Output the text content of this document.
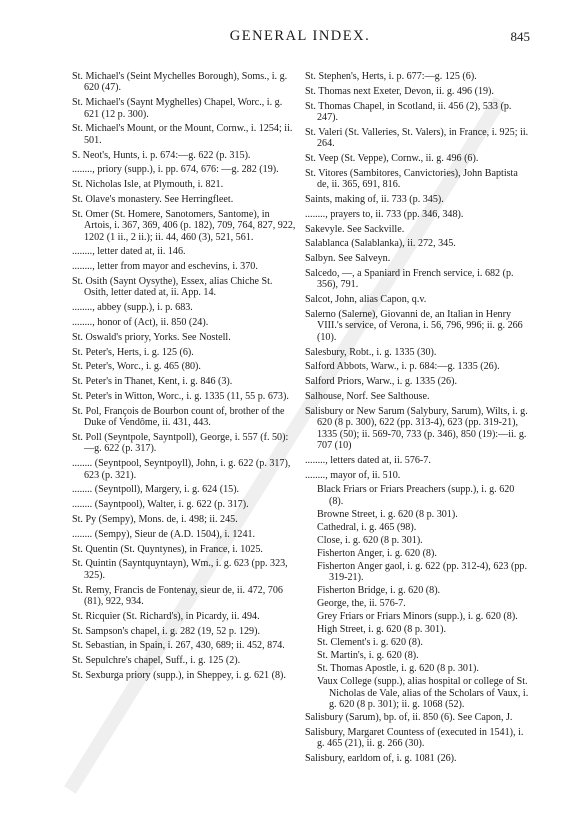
GENERAL INDEX.	845
St. Michael's (Seint Mychelles Borough), Soms., i. g. 620 (47).
St. Michael's (Saynt Myghelles) Chapel, Worc., i. g. 621 (12 p. 300).
St. Michael's Mount, or the Mount, Cornw., i. 1254; ii. 501.
S. Neot's, Hunts, i. p. 674:—g. 622 (p. 315).
........, priory (supp.), i. pp. 674, 676: —g. 282 (19).
St. Nicholas Isle, at Plymouth, i. 821.
St. Olave's monastery. See Herringfleet.
St. Omer (St. Homere, Sanotomers, Santome), in Artois, i. 367, 369, 406 (p. 182), 709, 764, 827, 922, 1202 (1 ii., 2 ii.); ii. 44, 460 (3), 521, 561.
........, letter dated at, ii. 146.
........, letter from mayor and eschevins, i. 370.
St. Osith (Saynt Oysythe), Essex, alias Chiche St. Osith, letter dated at, ii. App. 14.
........, abbey (supp.), i. p. 683.
........, honor of (Act), ii. 850 (24).
St. Oswald's priory, Yorks. See Nostell.
St. Peter's, Herts, i. g. 125 (6).
St. Peter's, Worc., i. g. 465 (80).
St. Peter's in Thanet, Kent, i. g. 846 (3).
St. Peter's in Witton, Worc., i. g. 1335 (11, 55 p. 673).
St. Pol, François de Bourbon count of, brother of the Duke of Vendôme, ii. 431, 443.
St. Poll (Seyntpole, Sayntpoll), George, i. 557 (f. 50):—g. 622 (p. 317).
........ (Seyntpool, Seyntpoyll), John, i. g. 622 (p. 317), 623 (p. 321).
........ (Seyntpoll), Margery, i. g. 624 (15).
........ (Sayntpool), Walter, i. g. 622 (p. 317).
St. Py (Sempy), Mons. de, i. 498; ii. 245.
........ (Sempy), Sieur de (A.D. 1504), i. 1241.
St. Quentin (St. Quyntynes), in France, i. 1025.
St. Quintin (Sayntquyntayn), Wm., i. g. 623 (pp. 323, 325).
St. Remy, Francis de Fontenay, sieur de, ii. 472, 706 (81), 922, 934.
St. Ricquier (St. Richard's), in Picardy, ii. 494.
St. Sampson's chapel, i. g. 282 (19, 52 p. 129).
St. Sebastian, in Spain, i. 267, 430, 689; ii. 452, 874.
St. Sepulchre's chapel, Suff., i. g. 125 (2).
St. Sexburga priory (supp.), in Sheppey, i. g. 621 (8).
St. Stephen's, Herts, i. p. 677:—g. 125 (6).
St. Thomas next Exeter, Devon, ii. g. 496 (19).
St. Thomas Chapel, in Scotland, ii. 456 (2), 533 (p. 247).
St. Valeri (St. Valleries, St. Valers), in France, i. 925; ii. 264.
St. Veep (St. Veppe), Cornw., ii. g. 496 (6).
St. Vitores (Sambitores, Canvictories), John Baptista de, ii. 365, 691, 816.
Saints, making of, ii. 733 (p. 345).
........, prayers to, ii. 733 (pp. 346, 348).
Sakevyle. See Sackville.
Salablanca (Salablanka), ii. 272, 345.
Salbyn. See Salveyn.
Salcedo, —, a Spaniard in French service, i. 682 (p. 356), 791.
Salcot, John, alias Capon, q.v.
Salerno (Salerne), Giovanni de, an Italian in Henry VIII.'s service, of Verona, i. 56, 796, 996; ii. g. 266 (10).
Salesbury, Robt., i. g. 1335 (30).
Salford Abbots, Warw., i. p. 684:—g. 1335 (26).
Salford Priors, Warw., i. g. 1335 (26).
Salhouse, Norf. See Salthouse.
Salisbury or New Sarum (Salybury, Sarum), Wilts, i. g. 620 (8 p. 300), 622 (pp. 313-4), 623 (pp. 319-21), 1335 (50); ii. 569-70, 733 (p. 346), 850 (19):—ii. g. 707 (10)
........, letters dated at, ii. 576-7.
........, mayor of, ii. 510.
Black Friars or Friars Preachers (supp.), i. g. 620 (8).
Browne Street, i. g. 620 (8 p. 301).
Cathedral, i. g. 465 (98).
Close, i. g. 620 (8 p. 301).
Fisherton Anger, i. g. 620 (8).
Fisherton Anger gaol, i. g. 622 (pp. 312-4), 623 (pp. 319-21).
Fisherton Bridge, i. g. 620 (8).
George, the, ii. 576-7.
Grey Friars or Friars Minors (supp.), i. g. 620 (8).
High Street, i. g. 620 (8 p. 301).
St. Clement's i. g. 620 (8).
St. Martin's, i. g. 620 (8).
St. Thomas Apostle, i. g. 620 (8 p. 301).
Vaux College (supp.), alias hospital or college of St. Nicholas de Vale, alias of the Scholars of Vaux, i. g. 620 (8 p. 301); ii. g. 1068 (52).
Salisbury (Sarum), bp. of, ii. 850 (6). See Capon, J.
Salisbury, Margaret Countess of (executed in 1541), i. g. 465 (21), ii. g. 266 (30).
Salisbury, earldom of, i. g. 1081 (26).
